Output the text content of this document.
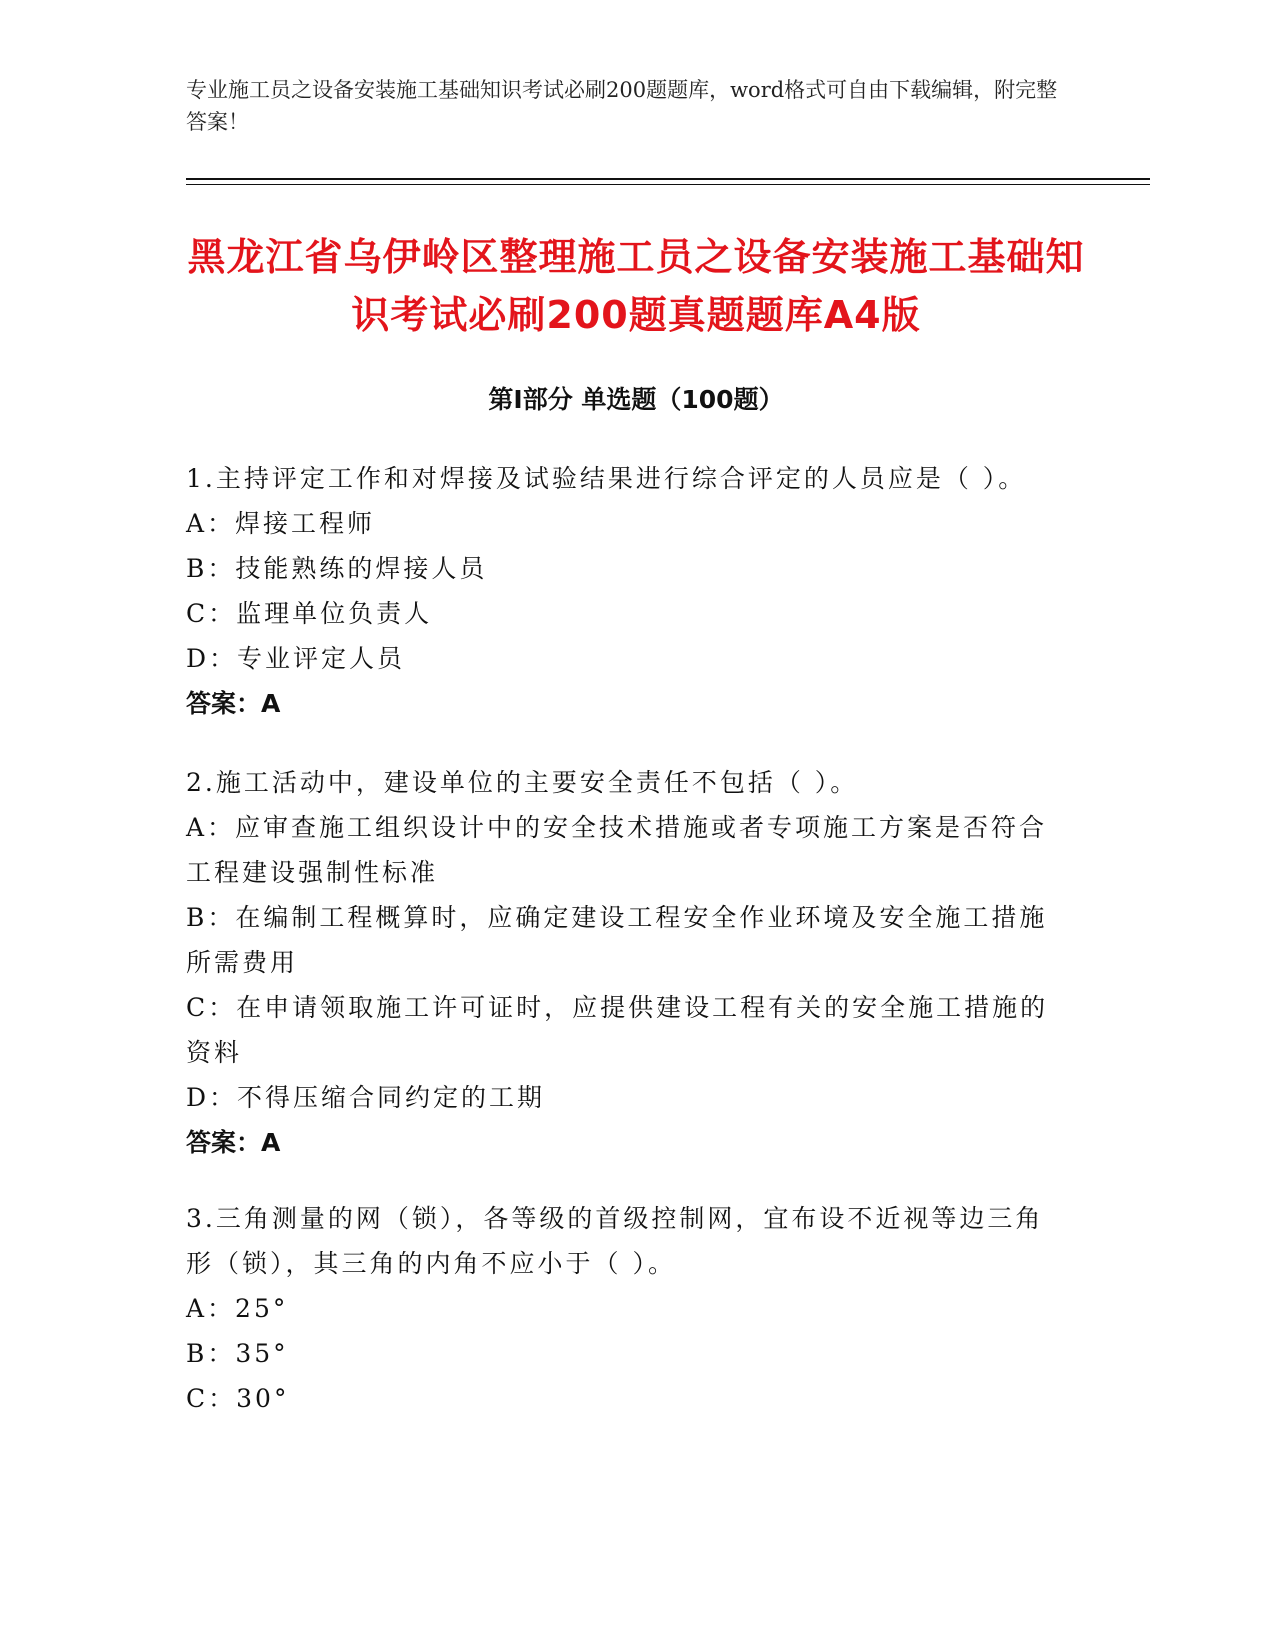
专业施工员之设备安装施工基础知识考试必刷200题题库，word格式可自由下载编辑，附完整答案！
黑龙江省乌伊岭区整理施工员之设备安装施工基础知识考试必刷200题真题题库A4版
第Ⅰ部分 单选题（100题）
1.主持评定工作和对焊接及试验结果进行综合评定的人员应是（ ）。
A：焊接工程师
B：技能熟练的焊接人员
C：监理单位负责人
D：专业评定人员
答案：A
2.施工活动中，建设单位的主要安全责任不包括（ ）。
A：应审查施工组织设计中的安全技术措施或者专项施工方案是否符合工程建设强制性标准
B：在编制工程概算时，应确定建设工程安全作业环境及安全施工措施所需费用
C：在申请领取施工许可证时，应提供建设工程有关的安全施工措施的资料
D：不得压缩合同约定的工期
答案：A
3.三角测量的网（锁），各等级的首级控制网，宜布设不近视等边三角形（锁），其三角的内角不应小于（ ）。
A：25°
B：35°
C：30°
